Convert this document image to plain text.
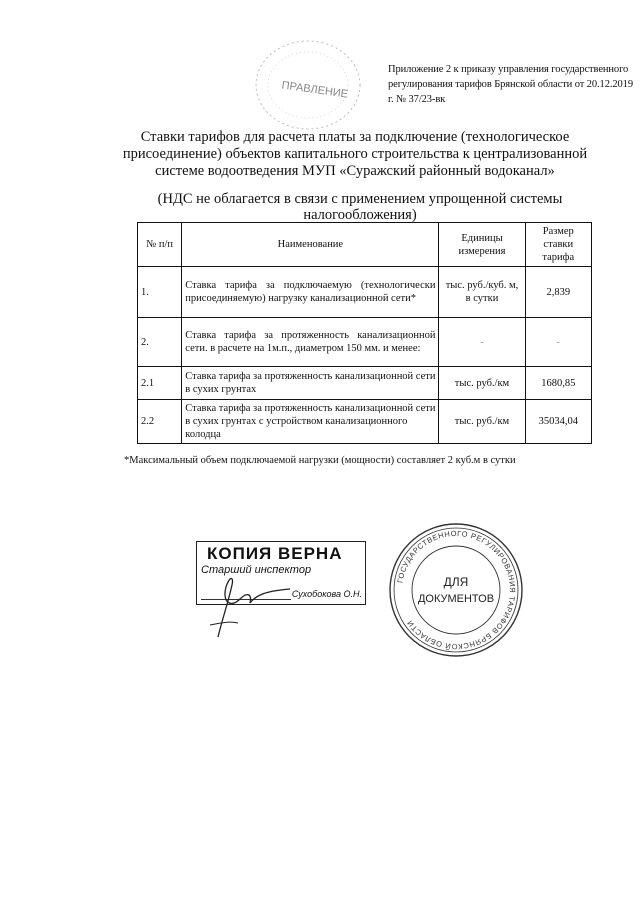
ПРАВЛЕНИЕ
Приложение 2 к приказу управления государственного регулирования тарифов Брянской области от 20.12.2019 г. № 37/23-вк
Ставки тарифов для расчета платы за подключение (технологическое присоединение) объектов капитального строительства к централизованной системе водоотведения МУП «Суражский районный водоканал»
(НДС не облагается в связи с применением упрощенной системы налогообложения)
№ п/п	Наименование	Единицы измерения	Размер ставки тарифа
1.	Ставка тарифа за подключаемую (технологически присоединяемую) нагрузку канализационной сети*	тыс. руб./куб. м, в сутки	2,839
2.	Ставка тарифа за протяженность канализационной сети. в расчете на 1м.п., диаметром 150 мм. и менее:	-	-
2.1	Ставка тарифа за протяженность канализационной сети в сухих грунтах	тыс. руб./км	1680,85
2.2	Ставка тарифа за протяженность канализационной сети в сухих грунтах с устройством канализационного колодца	тыс. руб./км	35034,04
*Максимальный объем подключаемой нагрузки (мощности) составляет 2 куб.м в сутки
КОПИЯ ВЕРНА
Старший инспектор
Сухобокова О.Н.
ГОСУДАРСТВЕННОГО РЕГУЛИРОВАНИЯ ТАРИФОВ БРЯНСКОЙ ОБЛАСТИ
ДЛЯ
ДОКУМЕНТОВ
